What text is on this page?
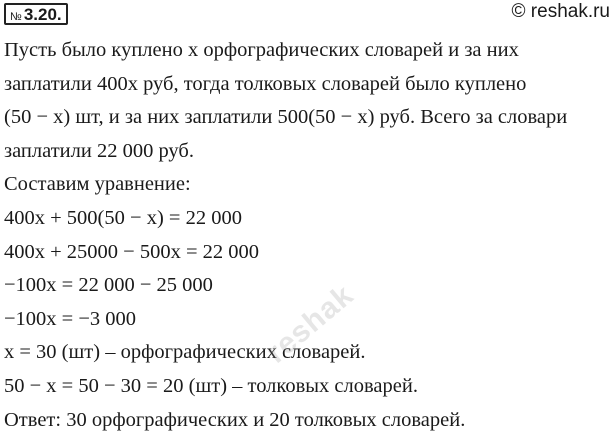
№ 3.20.	© reshak.ru
Пусть было куплено x орфографических словарей и за них
заплатили 400x руб, тогда толковых словарей было куплено
(50 − x) шт, и за них заплатили 500(50 − x) руб. Всего за словари
заплатили 22 000 руб.
Составим уравнение:
400x + 500(50 − x) = 22 000
400x + 25000 − 500x = 22 000
−100x = 22 000 − 25 000
−100x = −3 000
x = 30 (шт) – орфографических словарей.
50 − x = 50 − 30 = 20 (шт) – толковых словарей.
Ответ: 30 орфографических и 20 толковых словарей.
reshak
